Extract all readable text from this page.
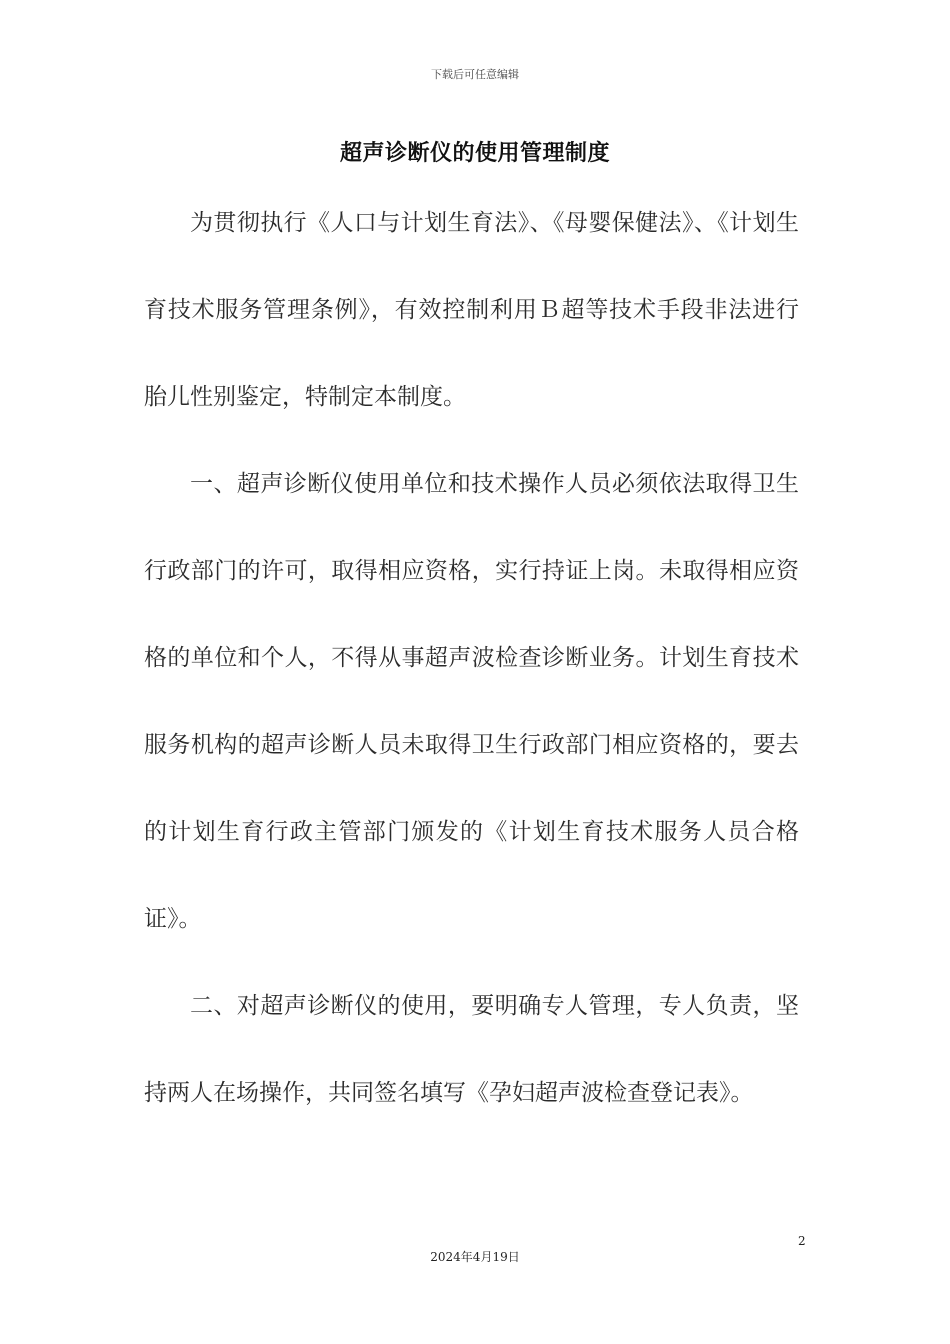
下载后可任意编辑
超声诊断仪的使用管理制度

为贯彻执行《人口与计划生育法》、《母婴保健法》、《计划生育技术服务管理条例》，有效控制利用Ｂ超等技术手段非法进行胎儿性别鉴定，特制定本制度。

一、超声诊断仪使用单位和技术操作人员必须依法取得卫生行政部门的许可，取得相应资格，实行持证上岗。未取得相应资格的单位和个人，不得从事超声波检查诊断业务。计划生育技术服务机构的超声诊断人员未取得卫生行政部门相应资格的，要去的计划生育行政主管部门颁发的《计划生育技术服务人员合格证》。

二、对超声诊断仪的使用，要明确专人管理，专人负责，坚持两人在场操作，共同签名填写《孕妇超声波检查登记表》。

2
2024年4月19日
